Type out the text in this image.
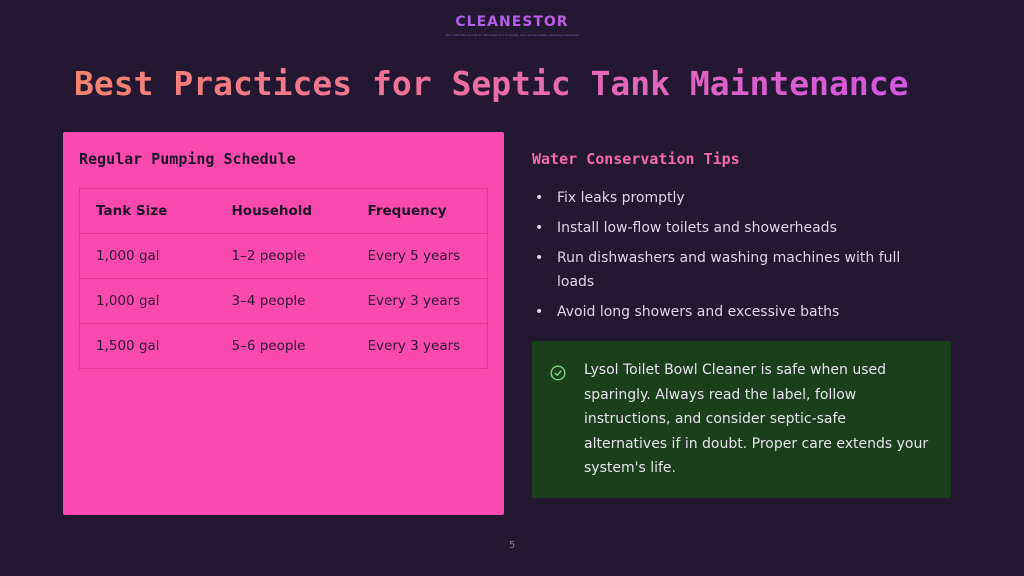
CLEANESTOR
The Ultimate Guide to the best eco-friendly and sustainable cleaning solutions
Best Practices for Septic Tank Maintenance
Regular Pumping Schedule
Tank Size	Household	Frequency
1,000 gal	1–2 people	Every 5 years
1,000 gal	3–4 people	Every 3 years
1,500 gal	5–6 people	Every 3 years
Water Conservation Tips
• Fix leaks promptly
• Install low-flow toilets and showerheads
• Run dishwashers and washing machines with full loads
• Avoid long showers and excessive baths

Lysol Toilet Bowl Cleaner is safe when used sparingly. Always read the label, follow instructions, and consider septic-safe alternatives if in doubt. Proper care extends your system's life.

5
